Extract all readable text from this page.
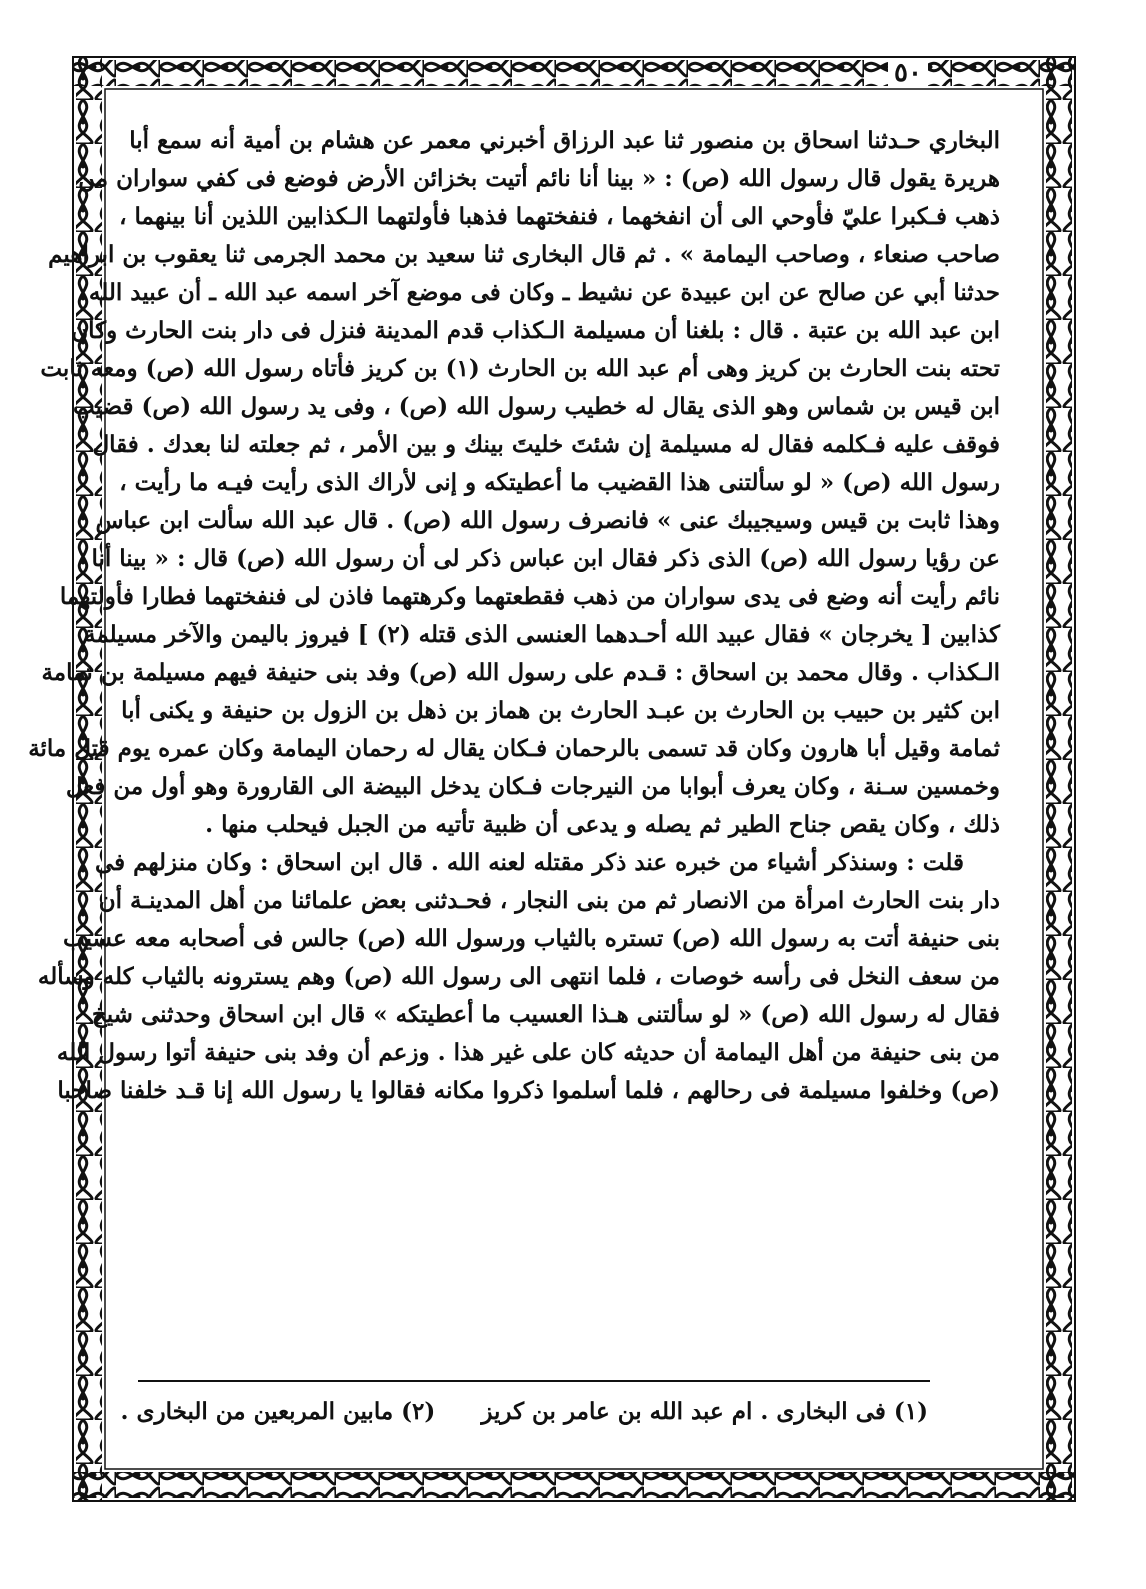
٥٠
البخاري حـدثنا اسحاق بن منصور ثنا عبد الرزاق أخبرني معمر عن هشام بن أمية أنه سمع أبا
هريرة يقول قال رسول الله (ص) : « بينا أنا نائم أتيت بخزائن الأرض فوضع فى كفي سواران من
ذهب فـكبرا عليّ فأوحي الى أن انفخهما ، فنفختهما فذهبا فأولتهما الـكذابين اللذين أنا بينهما ،
صاحب صنعاء ، وصاحب اليمامة » . ثم قال البخارى ثنا سعيد بن محمد الجرمى ثنا يعقوب بن ابراهيم
حدثنا أبي عن صالح عن ابن عبيدة عن نشيط ـ وكان فى موضع آخر اسمه عبد الله ـ أن عبيد الله
ابن عبد الله بن عتبة . قال : بلغنا أن مسيلمة الـكذاب قدم المدينة فنزل فى دار بنت الحارث وكان
تحته بنت الحارث بن كريز وهى أم عبد الله بن الحارث (١) بن كريز فأتاه رسول الله (ص) ومعه ثابت
ابن قيس بن شماس وهو الذى يقال له خطيب رسول الله (ص) ، وفى يد رسول الله (ص) قضيب
فوقف عليه فـكلمه فقال له مسيلمة إن شئتَ خليتَ بينك و بين الأمر ، ثم جعلته لنا بعدك . فقال
رسول الله (ص) « لو سألتنى هذا القضيب ما أعطيتكه و إنى لأراك الذى رأيت فيـه ما رأيت ،
وهذا ثابت بن قيس وسيجيبك عنى » فانصرف رسول الله (ص) . قال عبد الله سألت ابن عباس
عن رؤيا رسول الله (ص) الذى ذكر فقال ابن عباس ذكر لى أن رسول الله (ص) قال : « بينا أنا
نائم رأيت أنه وضع فى يدى سواران من ذهب فقطعتهما وكرهتهما فاذن لى فنفختهما فطارا فأولتهما
كذابين [ يخرجان » فقال عبيد الله أحـدهما العنسى الذى قتله (٢) ] فيروز باليمن والآخر مسيلمة
الـكذاب . وقال محمد بن اسحاق : قـدم على رسول الله (ص) وفد بنى حنيفة فيهم مسيلمة بن ثمامة
ابن كثير بن حبيب بن الحارث بن عبـد الحارث بن هماز بن ذهل بن الزول بن حنيفة و يكنى أبا
ثمامة وقيل أبا هارون وكان قد تسمى بالرحمان فـكان يقال له رحمان اليمامة وكان عمره يوم قتل مائة
وخمسين سـنة ، وكان يعرف أبوابا من النيرجات فـكان يدخل البيضة الى القارورة وهو أول من فعل
ذلك ، وكان يقص جناح الطير ثم يصله و يدعى أن ظبية تأتيه من الجبل فيحلب منها .
قلت : وسنذكر أشياء من خبره عند ذكر مقتله لعنه الله . قال ابن اسحاق : وكان منزلهم فى
دار بنت الحارث امرأة من الانصار ثم من بنى النجار ، فحـدثنى بعض علمائنا من أهل المدينـة أن
بنى حنيفة أتت به رسول الله (ص) تستره بالثياب ورسول الله (ص) جالس فى أصحابه معه عسيب
من سعف النخل فى رأسه خوصات ، فلما انتهى الى رسول الله (ص) وهم يسترونه بالثياب كله وسأله
فقال له رسول الله (ص) « لو سألتنى هـذا العسيب ما أعطيتكه » قال ابن اسحاق وحدثنى شيخ
من بنى حنيفة من أهل اليمامة أن حديثه كان على غير هذا . وزعم أن وفد بنى حنيفة أتوا رسول الله
(ص) وخلفوا مسيلمة فى رحالهم ، فلما أسلموا ذكروا مكانه فقالوا يا رسول الله إنا قـد خلفنا صاحبا
(١) فى البخارى . ام عبد الله بن عامر بن كريز (٢) مابين المربعين من البخارى .
